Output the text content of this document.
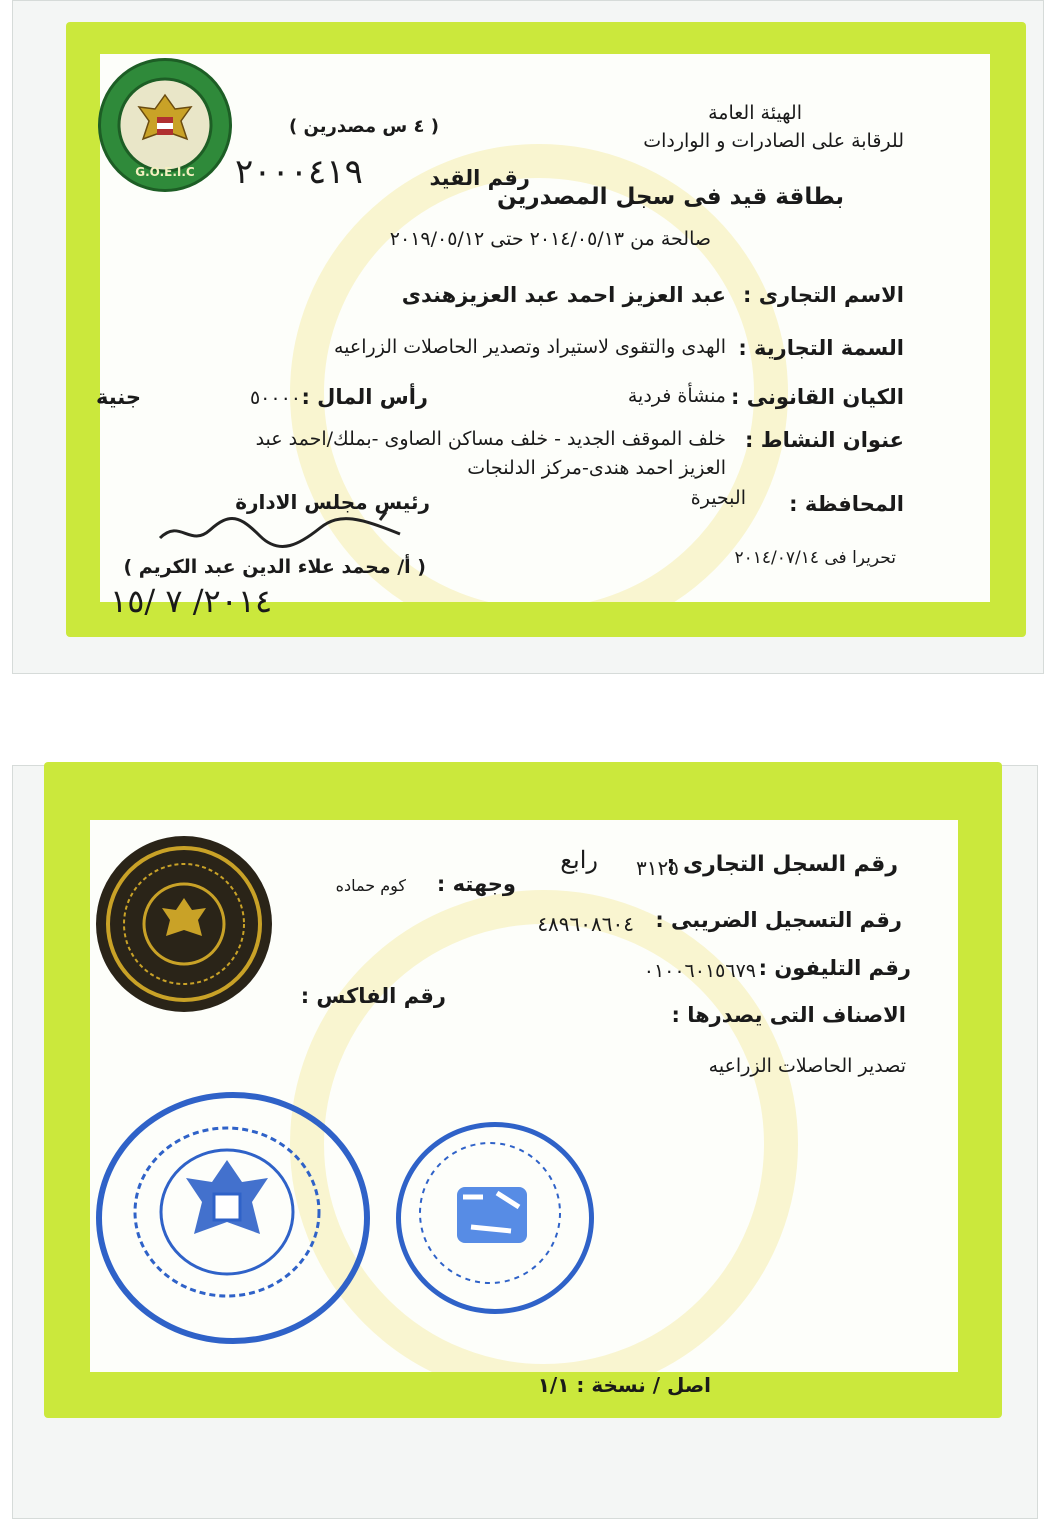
G.O.E.I.C
الهيئة العامة
للرقابة على الصادرات و الواردات
( ٤ س مصدرين )
بطاقة قيد فى سجل المصدرين
رقم القيد
٢٠٠٠٤١٩
صالحة من ٢٠١٤/٠٥/١٣ حتى ٢٠١٩/٠٥/١٢
الاسم التجارى :
عبد العزيز احمد عبد العزيزهندى
السمة التجارية :
الهدى والتقوى لاستيراد وتصدير الحاصلات الزراعيه
الكيان القانونى :
منشأة فردية
رأس المال :
٥٠٠٠٠
جنية
عنوان النشاط :
خلف الموقف الجديد - خلف مساكن الصاوى -بملك/احمد عبد
العزيز احمد هندى-مركز الدلنجات
المحافظة :
البحيرة
رئيس مجلس الادارة
( أ/ محمد علاء الدين عبد الكريم )	تحريرا فى ٢٠١٤/٠٧/١٤
٢٠١٤/ ٧ /١٥
رقم السجل التجارى :
٣١٢٥
رابع
وجهته :
كوم حماده
رقم التسجيل الضريبى :
٤٨٩٦٠٨٦٠٤
رقم التليفون :
٠١٠٠٦٠١٥٦٧٩
رقم الفاكس :
الاصناف التى يصدرها :
تصدير الحاصلات الزراعيه
اصل / نسخة : ١/١
